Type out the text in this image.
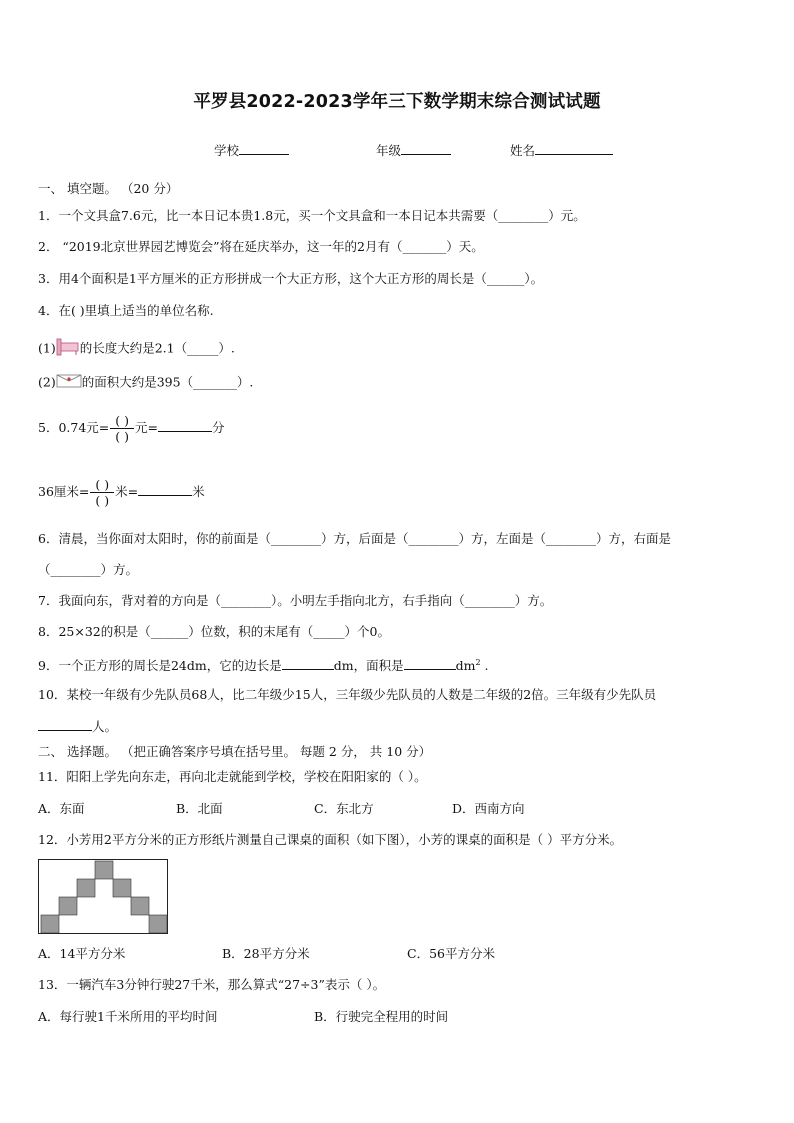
平罗县2022-2023学年三下数学期末综合测试试题
学校	年级	姓名
一、 填空题。 （20 分）
1．一个文具盒7.6元，比一本日记本贵1.8元，买一个文具盒和一本日记本共需要（________）元。
2． “2019北京世界园艺博览会”将在延庆举办，这一年的2月有（_______）天。
3．用4个面积是1平方厘米的正方形拼成一个大正方形，这个大正方形的周长是（______）。
4．在( )里填上适当的单位名称.
(1) 的长度大约是2.1（_____）.
(2) 的面积大约是395（_______）.
5．0.74元= $\frac{( )}{( )}$ 元=	分
36厘米= $\frac{( )}{( )}$ 米=	米
6．清晨，当你面对太阳时，你的前面是（________）方，后面是（________）方，左面是（________）方，右面是
（________）方。
7．我面向东，背对着的方向是（________）。小明左手指向北方，右手指向（________）方。
8．25×32的积是（______）位数，积的末尾有（_____）个0。
9．一个正方形的周长是24dm，它的边长是	dm，面积是	$dm^2$ .
10．某校一年级有少先队员68人，比二年级少15人，三年级少先队员的人数是二年级的2倍。三年级有少先队员
人。
二、 选择题。 （把正确答案序号填在括号里。 每题 2 分， 共 10 分）
11．阳阳上学先向东走，再向北走就能到学校，学校在阳阳家的（ ）。
A．东面	B．北面	C．东北方	D．西南方向
12．小芳用2平方分米的正方形纸片测量自己课桌的面积（如下图），小芳的课桌的面积是（ ）平方分米。
A．14平方分米	B．28平方分米	C．56平方分米
13．一辆汽车3分钟行驶27千米，那么算式“27÷3”表示（ ）。
A．每行驶1千米所用的平均时间	B．行驶完全程用的时间
